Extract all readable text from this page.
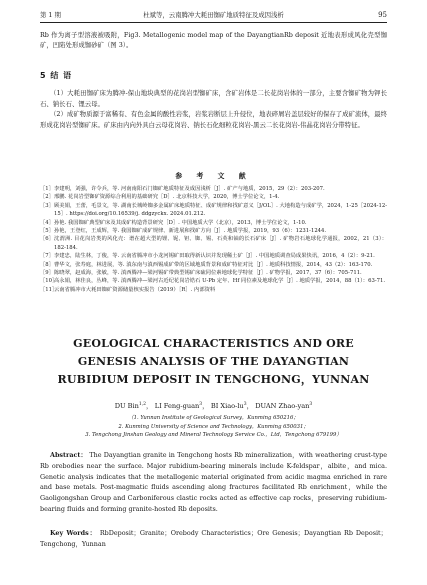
第 1 期	杜斌等，云南腾冲大耗田铷矿地质特征及成因浅析	95
Rb 作为离子型溶液被吸附，Fig3. Metallogenic model map of the DayangtianRb deposit 近地表形成风化壳型铷矿，凹陷处形成铷砂矿（图 3）。
5 结 语

（1）大耗田铷矿床为腾冲-保山地块典型的花岗岩型铷矿床，含矿岩体是二长花岗岩体的一部分，主要含铷矿物为钾长石、钠长石、锂云母。

（2）成矿物质源于富稀有、有色金属的酸性岩浆，岩浆岩断层上升侵位，地表碎屑岩盖层较好的保存了成矿流体，最终形成花岗岩型铷矿床。矿床由内向外具白云母花岗岩、钠长石化细粒花岗岩-黑云二长花岗岩-伟晶花岗岩分带特征。

参 考 文 献
［1］ 李建明，刘强，许令兵，等. 河南南阳石门铷矿地质特征及成因浅析［J］. 矿产与地质，2015，29（2）：203-207.
［2］ 邢鹏. 花岗岩型铷矿资源综合利用的基础研究［D］. 北京科技大学，2020，博士学位论文，1-4.
［3］ 顾美娟，王蕾，毛景文，等. 湖南长城岭铷多金属矿床地质特征、成矿规律和找矿意义［J/OL］. 大地构造与成矿学，2024，1-25［2024-12-15］. https://doi.org/10.16539/j. ddgzyckx. 2024.01.212.
［4］ 孙艳. 我国铷矿典型矿床及其成矿构造背景研究［D］. 中国地质大学（北京），2013，博士学位论文，1-10.
［5］ 孙艳，王登红，王成辉，等. 我国铷矿成矿规律、新进展和找矿方向［J］. 地质学报，2019，93（6）：1231-1244.
［6］ 沈渭洲. 目花岗岩类的风化壳：谱在超大型的锂、铌、钽、铷、锡、石英和铀的长石矿床［J］. 矿物岩石地球化学通报，2002，21（3）：182-184.
［7］ 李建忠，陆生林，丁俊，等. 云南省腾冲市小龙河锡矿田取得新认识并发现稀土矿［J］. 中国地质调查局成果快讯，2016，4（2）：9-21.
［8］ 曹华文，张寿庭，林进展，等. 滇东南与滇西锡成矿带的区域地质背景和成矿特征对比［J］. 地质科技情报，2014，43（2）：163-170.
［9］ 陈晓翠，赵成海，张敏，等. 滇西腾冲—梁河锡矿带典型锡矿床硫同位素地球化学特征［J］. 矿物学报，2017，37（6）：705-711.
［10］
高永娟，林佳良，丛峰，等. 滇西腾冲—梁河古近纪花岗岩锆石 U-Pb 定年、Hf 同位素及地球化学［J］. 地质学报，2014，88（1）：63-71.
［11］
云南省腾冲市大耗田铷矿资源储量核实报告（2019）［R］. 内部资料
GEOLOGICAL CHARACTERISTICS AND ORE
GENESIS ANALYSIS OF THE DAYANGTIAN
RUBIDIUM DEPOSIT IN TENGCHONG，YUNNAN
DU Bin$^{1,2}$， LI Feng-guan$^3$， BI Xiao-$lu^3$， DUAN Zhao-yan$^3$
（1. Yunnan Institute of Geological Survey，Kunming 650216；
2. Kunming University of Science and Technology，Kunming 650031；
3. Tengchong Jinshan Geology and Mineral Technology Service Co.，Ltd，Tengchong 679199）
Abstract： The Dayangtian granite in Tengchong hosts Rb mineralization，with weathering crust-type Rb orebodies near the surface. Major rubidium-bearing minerals include K-feldspar，albite，and mica. Genetic analysis indicates that the metallogenic material originated from acidic magma enriched in rare and base metals. Post-magmatic fluids ascending along fractures facilitated Rb enrichment，while the Gaoligongshan Group and Carboniferous clastic rocks acted as effective cap rocks，preserving rubidium-bearing fluids and forming granite-hosted Rb deposits.
Key Words： RbDeposit；Granite；Orebody Characteristics；Ore Genesis；Dayangtian Rb Deposit；Tengchong，Yunnan
